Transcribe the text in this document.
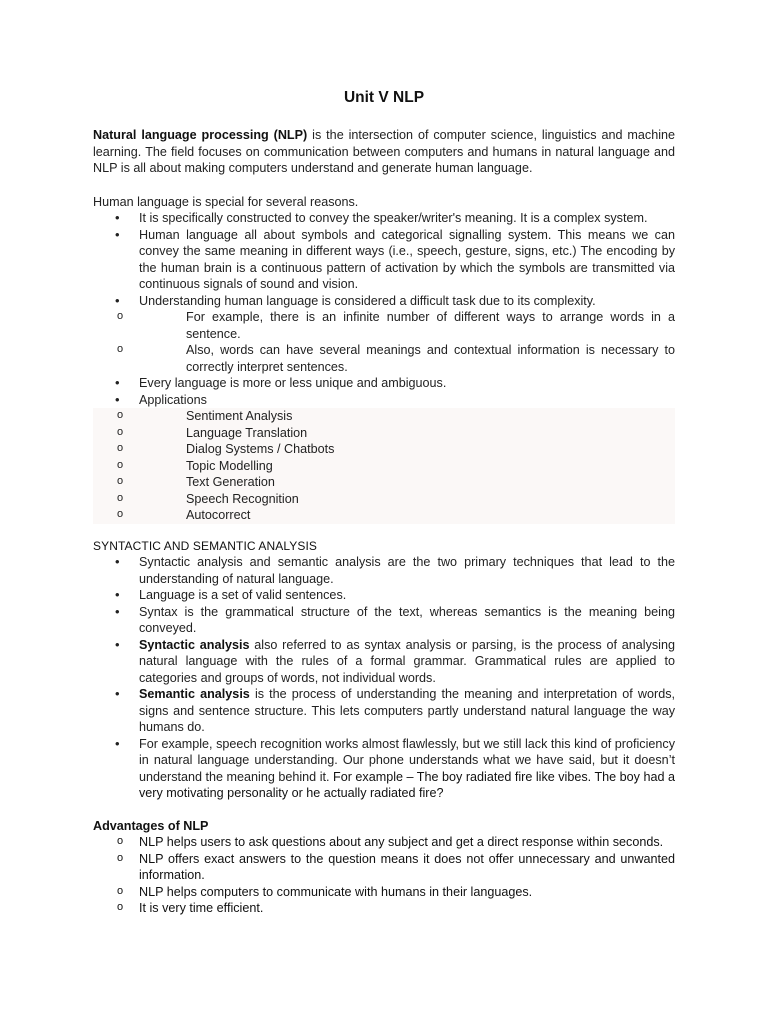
Unit V NLP

Natural language processing (NLP) is the intersection of computer science, linguistics and machine learning. The field focuses on communication between computers and humans in natural language and NLP is all about making computers understand and generate human language.

Human language is special for several reasons.

• It is specifically constructed to convey the speaker/writer's meaning. It is a complex system.
• Human language all about symbols and categorical signalling system. This means we can convey the same meaning in different ways (i.e., speech, gesture, signs, etc.) The encoding by the human brain is a continuous pattern of activation by which the symbols are transmitted via continuous signals of sound and vision.
• Understanding human language is considered a difficult task due to its complexity.
o For example, there is an infinite number of different ways to arrange words in a sentence.
o Also, words can have several meanings and contextual information is necessary to correctly interpret sentences.
• Every language is more or less unique and ambiguous.
• Applications
o Sentiment Analysis
o Language Translation
o Dialog Systems / Chatbots
o Topic Modelling
o Text Generation
o Speech Recognition
o Autocorrect
SYNTACTIC AND SEMANTIC ANALYSIS
• Syntactic analysis and semantic analysis are the two primary techniques that lead to the understanding of natural language.
• Language is a set of valid sentences.
• Syntax is the grammatical structure of the text, whereas semantics is the meaning being conveyed.
• Syntactic analysis also referred to as syntax analysis or parsing, is the process of analysing natural language with the rules of a formal grammar. Grammatical rules are applied to categories and groups of words, not individual words.
• Semantic analysis is the process of understanding the meaning and interpretation of words, signs and sentence structure. This lets computers partly understand natural language the way humans do.
• For example, speech recognition works almost flawlessly, but we still lack this kind of proficiency in natural language understanding. Our phone understands what we have said, but it doesn’t understand the meaning behind it. For example – The boy radiated fire like vibes. The boy had a very motivating personality or he actually radiated fire?
Advantages of NLP
o NLP helps users to ask questions about any subject and get a direct response within seconds.
o NLP offers exact answers to the question means it does not offer unnecessary and unwanted information.
o NLP helps computers to communicate with humans in their languages.
o It is very time efficient.
